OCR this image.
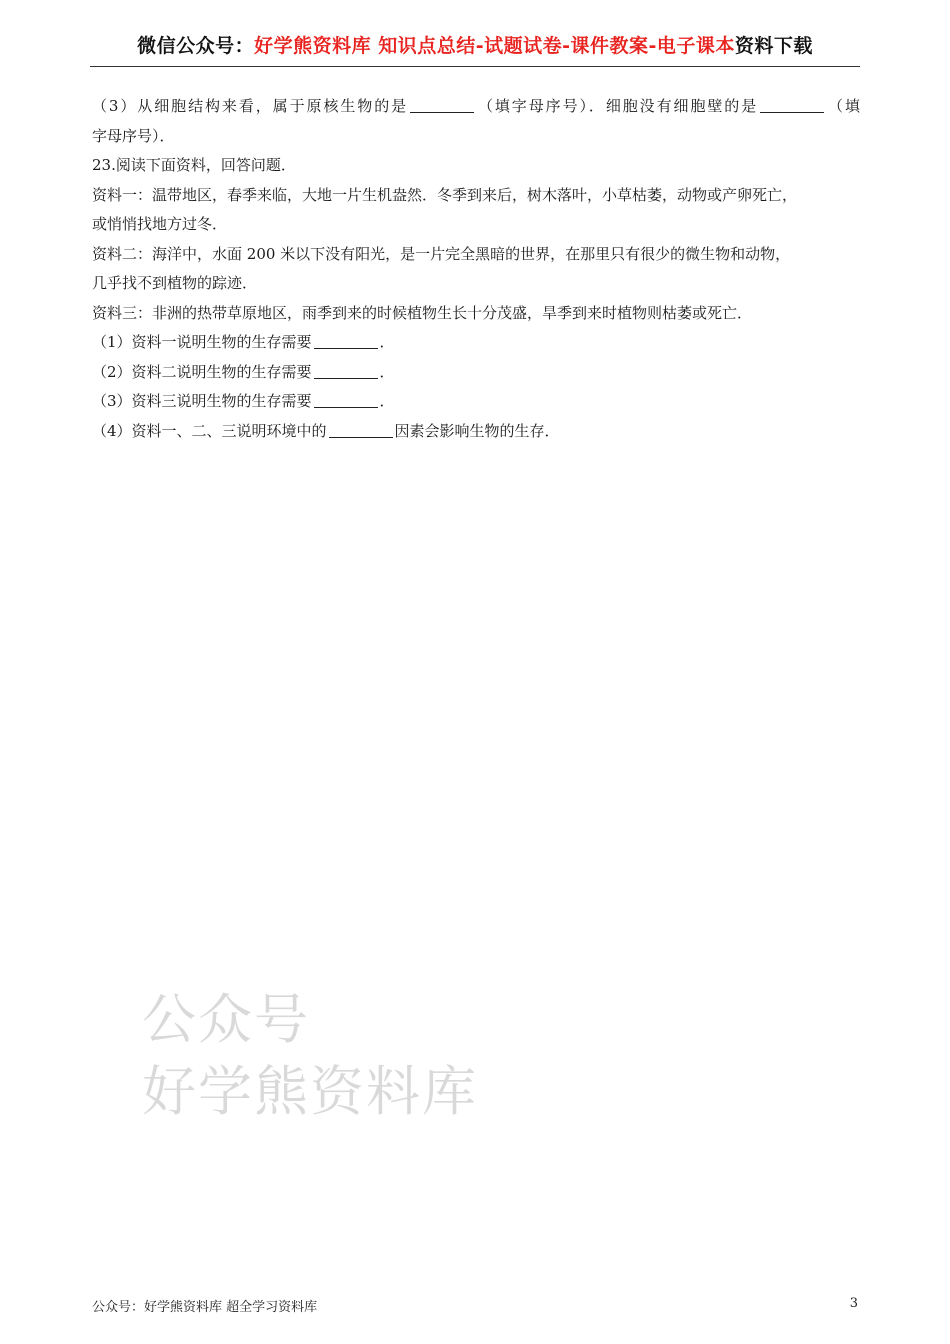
微信公众号：好学熊资料库 知识点总结-试题试卷-课件教案-电子课本资料下载
（3）从细胞结构来看，属于原核生物的是	（填字母序号）．细胞没有细胞壁的是	（填
字母序号）．
23.阅读下面资料，回答问题．
资料一：温带地区，春季来临，大地一片生机盎然．冬季到来后，树木落叶，小草枯萎，动物或产卵死亡，
或悄悄找地方过冬．
资料二：海洋中，水面 200 米以下没有阳光，是一片完全黑暗的世界，在那里只有很少的微生物和动物，
几乎找不到植物的踪迹．
资料三：非洲的热带草原地区，雨季到来的时候植物生长十分茂盛，旱季到来时植物则枯萎或死亡．
（1）资料一说明生物的生存需要	．
（2）资料二说明生物的生存需要	．
（3）资料三说明生物的生存需要	．
（4）资料一、二、三说明环境中的	因素会影响生物的生存．
公众号
好学熊资料库
公众号：好学熊资料库 超全学习资料库	3
